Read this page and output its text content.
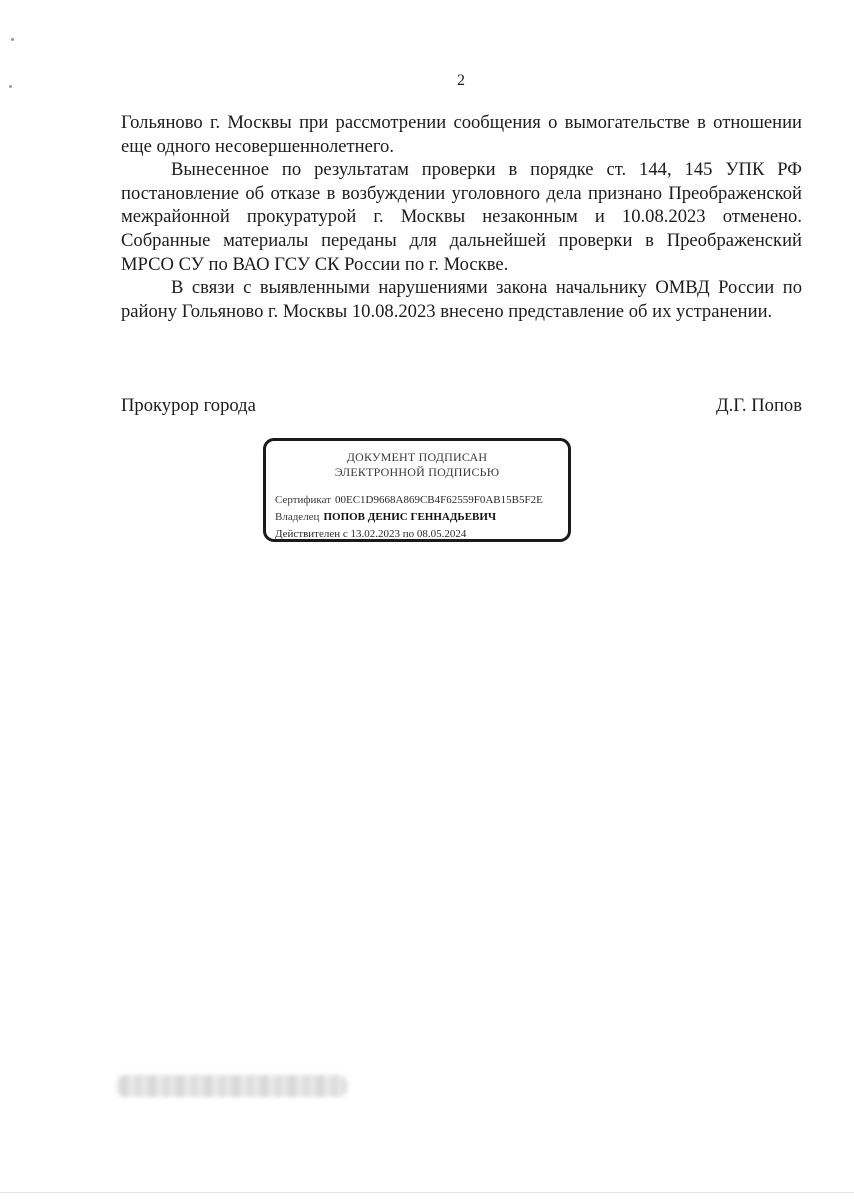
2

Гольяново г. Москвы при рассмотрении сообщения о вымогательстве в отношении еще одного несовершеннолетнего.

Вынесенное по результатам проверки в порядке ст. 144, 145 УПК РФ постановление об отказе в возбуждении уголовного дела признано Преображенской межрайонной прокуратурой г. Москвы незаконным и 10.08.2023 отменено. Собранные материалы переданы для дальнейшей проверки в Преображенский МРСО СУ по ВАО ГСУ СК России по г. Москве.

В связи с выявленными нарушениями закона начальнику ОМВД России по району Гольяново г. Москвы 10.08.2023 внесено представление об их устранении.

Прокурор города	Д.Г. Попов
ДОКУМЕНТ ПОДПИСАН
ЭЛЕКТРОННОЙ ПОДПИСЬЮ
Сертификат 00EC1D9668A869CB4F62559F0AB15B5F2E
Владелец ПОПОВ ДЕНИС ГЕННАДЬЕВИЧ
Действителен с 13.02.2023 по 08.05.2024
